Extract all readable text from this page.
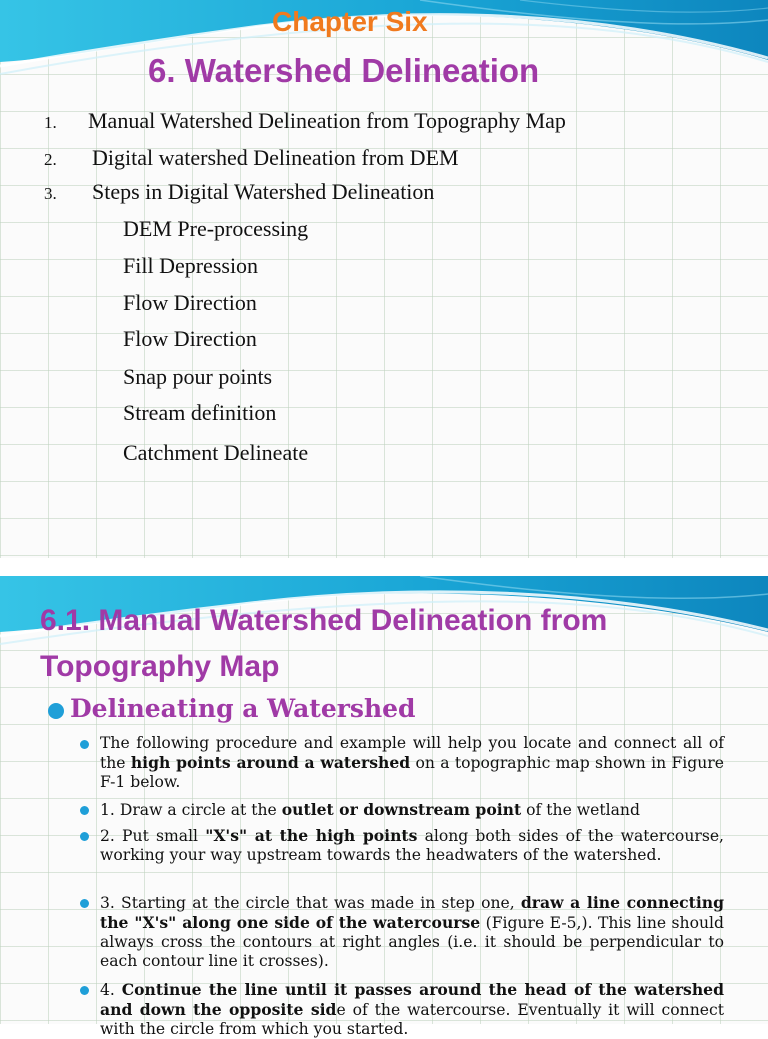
Chapter Six
6. Watershed Delineation
1. Manual Watershed Delineation from Topography Map
2. Digital watershed Delineation from DEM
3. Steps in Digital Watershed Delineation
DEM Pre-processing
Fill Depression
Flow Direction
Flow Direction
Snap pour points
Stream definition
Catchment Delineate
6.1. Manual Watershed Delineation from
Topography Map
Delineating a Watershed
The following procedure and example will help you locate and connect all of the high points around a watershed on a topographic map shown in Figure F-1 below.
1. Draw a circle at the outlet or downstream point of the wetland
2. Put small "X's" at the high points along both sides of the watercourse, working your way upstream towards the headwaters of the watershed.
3. Starting at the circle that was made in step one, draw a line connecting the "X's" along one side of the watercourse (Figure E-5,). This line should always cross the contours at right angles (i.e. it should be perpendicular to each contour line it crosses).
4. Continue the line until it passes around the head of the watershed and down the opposite side of the watercourse. Eventually it will connect with the circle from which you started.
